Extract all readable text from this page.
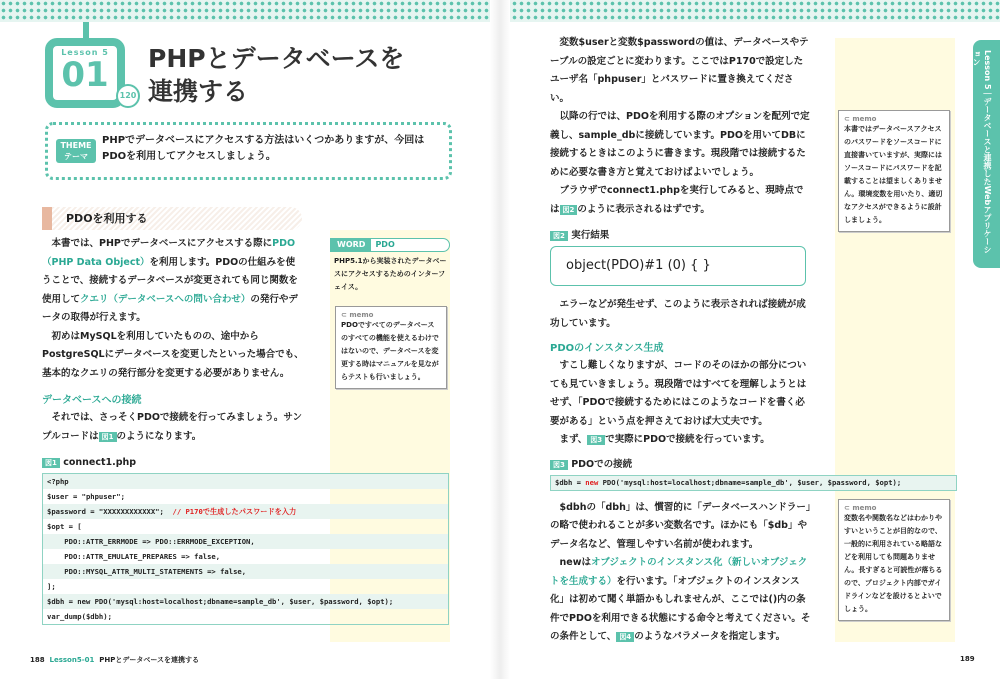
Lesson 5
01
120
PHPとデータベースを
連携する
THEME
テーマ
PHPでデータベースにアクセスする方法はいくつかありますが、今回はPDOを利用してアクセスしましょう。
PDOを利用する

本書では、PHPでデータベースにアクセスする際にPDO（PHP Data Object）を利用します。PDOの仕組みを使うことで、接続するデータベースが変更されても同じ関数を使用してクエリ（データベースへの問い合わせ）の発行やデータの取得が行えます。

初めはMySQLを利用していたものの、途中からPostgreSQLにデータベースを変更したといった場合でも、基本的なクエリの発行部分を変更する必要がありません。

データベースへの接続

それでは、さっそくPDOで接続を行ってみましょう。サンプルコードは 図1 のようになります。

図1 connect1.php
<?php
$user = "phpuser";
$password = "XXXXXXXXXXXX";  // P170で生成したパスワードを入力
$opt = [
PDO::ATTR_ERRMODE => PDO::ERRMODE_EXCEPTION,
PDO::ATTR_EMULATE_PREPARES => false,
PDO::MYSQL_ATTR_MULTI_STATEMENTS => false,
];
$dbh = new PDO('mysql:host=localhost;dbname=sample_db', $user, $password, $opt);
var_dump($dbh);
WORD PDO
PHP5.1から実装されたデータベースにアクセスするためのインターフェイス。
⊂ memo
PDOですべてのデータベースのすべての機能を使えるわけではないので、データベースを変更する時はマニュアルを見ながらテストも行いましょう。
188 Lesson5-01 PHPとデータベースを連携する

変数$userと変数$passwordの値は、データベースやテーブルの設定ごとに変わります。ここではP170で設定したユーザ名「phpuser」とパスワードに置き換えてください。

以降の行では、PDOを利用する際のオプションを配列で定義し、sample_dbに接続しています。PDOを用いてDBに接続するときはこのように書きます。現段階では接続するために必要な書き方と覚えておけばよいでしょう。

ブラウザでconnect1.phpを実行してみると、現時点では 図2 のように表示されるはずです。

図2 実行結果
object(PDO)#1 (0) { }

エラーなどが発生せず、このように表示されれば接続が成功しています。

PDOのインスタンス生成

すこし難しくなりますが、コードのそのほかの部分についても見ていきましょう。現段階ではすべてを理解しようとはせず、「PDOで接続するためにはこのようなコードを書く必要がある」という点を押さえておけば大丈夫です。

まず、 図3 で実際にPDOで接続を行っています。

図3 PDOでの接続
$dbh = new PDO('mysql:host=localhost;dbname=sample_db', $user, $password, $opt);

$dbhの「dbh」は、慣習的に「データベースハンドラー」の略で使われることが多い変数名です。ほかにも「$db」やデータ名など、管理しやすい名前が使われます。

newはオブジェクトのインスタンス化（新しいオブジェクトを生成する）を行います。「オブジェクトのインスタンス化」は初めて聞く単語かもしれませんが、ここでは()内の条件でPDOを利用できる状態にする命令と考えてください。その条件として、 図4 のようなパラメータを指定します。

⊂ memo
変数名や関数名などはわかりやすいということが目的なので、一般的に利用されている略語などを利用しても問題ありません。長すぎると可読性が落ちるので、プロジェクト内部でガイドラインなどを設けるとよいでしょう。
⊂ memo
本書ではデータベースアクセスのパスワードをソースコードに直接書いていますが、実際にはソースコードにパスワードを記載することは望ましくありません。環境変数を用いたり、適切なアクセスができるように設計しましょう。
Lesson 5｜データベースと連携したWebアプリケーション
189
